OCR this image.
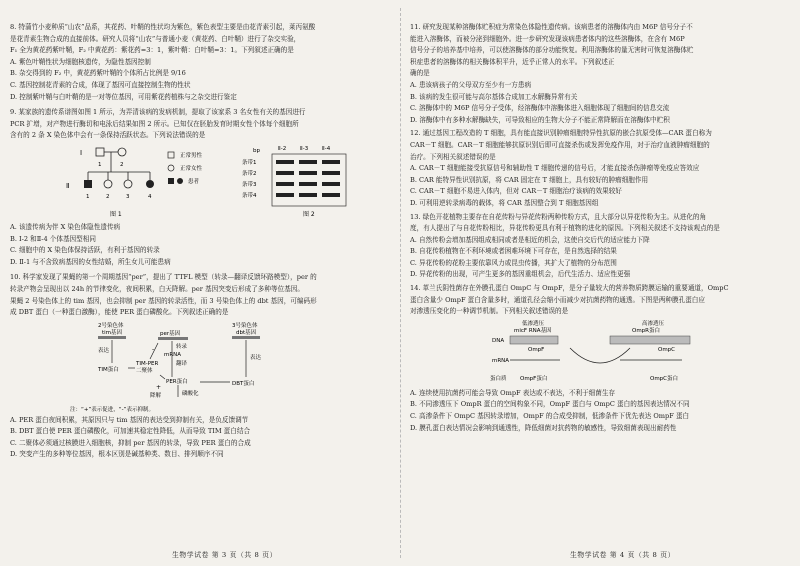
8. 特蒲竹小麦种质“山农”品系，其花药、叶鞘的性状均为紫色，紫色表型主要是由花青素引起，莱丙氨酸

是花青素生物合成的直接前体。研究人员将“山农”与普通小麦（黄花药、白叶鞘）进行了杂交实验，

F₁ 全为黄花药紫叶鞘，F₂ 中黄花药：紫花药=3：1，紫叶鞘：白叶鞘=3：1。下列叙述正确的是

A. 紫色叶鞘性状为细胞核遗传，为隐性基因控制

B. 杂交得到的 F₂ 中，黄花药紫叶鞘的个体所占比例是 9/16

C. 基因控制花青素的合成，体现了基因可直接控制生物的性状

D. 控制紫叶鞘与白叶鞘的是一对等位基因，可用紫花药植株与之杂交进行鉴定

9. 某家族的遗传系谱图如图 1 所示，为弄清该病的发病机制，提取了该家系 3 名女性有关的基因进行

PCR 扩增，对产物进行酶切和电泳后结果如图 2 所示。已知仅在胚胎发育时期女性个体每个细胞所

含有的 2 条 X 染色体中会有一条保持活跃状态。下列说法错误的是

Ⅰ
1	2
Ⅱ
1	2	3	4
图 1
正常男性
正常女性
患者
bp	Ⅱ-2	Ⅱ-3	Ⅱ-4
条带1
条带2
条带3
条带4
图 2

A. 该遗传病为伴 X 染色体隐性遗传病

B. Ⅰ-2 和Ⅱ-4 个体基因型相同

C. 细胞中的 X 染色体保持活跃，有利于基因的转录

D. Ⅱ-1 与不含致病基因的女性结婚，所生女儿可能患病

10. 科学家发现了果蝇的第一个周期基因“per”，提出了 TTFL 模型（转录—翻译反馈环路模型），per 的

转录产物会呈现出以 24h 的节律变化，夜间积累，白天降解。per 基因突变后形成了多种等位基因。

果蝇 2 号染色体上的 tim 基因，也会抑制 per 基因的转录活性，而 3 号染色体上的 dbt 基因，可编码形

成 DBT 蛋白（一种蛋白激酶），能使 PER 蛋白磷酸化。下列叙述正确的是

2号染色体
tim基因
表达
TIM蛋白
per基因
转录
mRNA
翻译
TIM-PER
二聚体
-
PER蛋白
磷酸化
降解
+
3号染色体
dbt基因
表达
DBT蛋白
注：“+”表示促进，“-”表示抑制。

A. PER 蛋白夜间积累，其原因只与 tim 基因的表达受到抑制有关，是负反馈调节

B. DBT 蛋白使 PER 蛋白磷酸化，可加速其稳定性降低，从而导致 TIM 蛋白结合

C. 二聚体必须通过核膜进入细胞核，抑制 per 基因的转录，导致 PER 蛋白的合成

D. 突变产生的多种等位基因，根本区别是碱基种类、数目、排列顺序不同

11. 研究发现某种溶酶体贮积症为常染色体隐性遗传病。该病患者的溶酶体内由 M6P 信号分子不

能进入溶酶体，而被分泌到细胞外。进一步研究发现该病患者体内的这些溶酶体，在含有 M6P

信号分子的培养基中培养，可以使溶酶体的部分功能恢复。利用溶酶体的量无害时可恢复溶酶体贮

积症患者的溶酶体的相关酶体积平升，近乎正常人的水平。下列叙述正

确的是

A. 患该病孩子的父母双方至少有一方患病

B. 该病的发生很可能与高尔基体合成加工水解酶异常有关

C. 溶酶体中的 M6P 信号分子受体，经溶酶体中溶酶体进入细胞体现了细胞间的信息交流

D. 溶酶体中有多种水解酶缺失，可导致相应的生物大分子不能正常降解而在溶酶体中贮积

12. 通过基因工程改造的 T 细胞，具有能直接识别肿瘤细胞特异性抗原的嵌合抗原受体—CAR 蛋白称为

CAR－T 细胞。CAR－T 细胞能够抗原识别后即可直接杀伤或发挥免疫作用，对于治疗血液肿瘤细胞的

治疗。下列相关叙述错误的是

A. CAR－T 细胞能接受抗原信号和辅助性 T 细胞传递的信号后，才能直接杀伤肿瘤等免疫应答效应

B. CAR 能特异性识别抗原，将 CAR 固定在 T 细胞上，具有较好的肿瘤细胞作用

C. CAR－T 细胞不易进入体内，但对 CAR－T 细胞治疗该病的效果较好

D. 可利用逆转录病毒的载体，将 CAR 基因整合到 T 细胞基因组

13. 绿色开花植物主要存在自花传粉与异花传粉两种传粉方式，且大部分以异花传粉为主。从进化的角

度，有人提出了与自花传粉相比，异花传粉更具有利于植物的进化的原因。下列相关叙述不支持该观点的是

A. 自然传粉会增加基因组成相同或者是相近的机会，这使自交后代的适应能力下降

B. 自花传粉植物在不利环境或者困难环境下可存在，是自然选择的结果

C. 异花传粉的花粉主要依靠风力或昆虫传播，其扩大了植物的分布范围

D. 异花传粉的出现，可产生更多的基因重组机会，后代生活力、适应性更强

14. 革兰氏阴性菌存在外膜孔蛋白 OmpC 与 OmpF，是分子量较大的营养物质跨膜运输的重要通道，OmpC

蛋白含量少 OmpF 蛋白含量多时，通道孔径会缩小而减少对抗菌药物的通透。下图是两种膜孔蛋白应

对渗透压变化的一种调节机制。下列相关叙述错误的是

低渗透压
micF RNA基因
高渗透压
OmpR蛋白
DNA
OmpF	OmpC
mRNA
蛋白质 OmpF蛋白	OmpC蛋白

A. 连续使用抗菌药可能会导致 OmpF 表达或不表达，不利于细菌生存

B. 不同渗透压下 OmpR 蛋白的空间构象不同，OmpF 蛋白与 OmpC 蛋白的基因表达情况不同

C. 高渗条件下 OmpC 基因转录增加，OmpF 的合成受抑制，低渗条件下优先表达 OmpF 蛋白

D. 膜孔蛋白表达情况会影响到通透性，降低细菌对抗药物的敏感性，导致细菌表现出耐药性

生物学试卷 第 3 页（共 8 页）	生物学试卷 第 4 页（共 8 页）
